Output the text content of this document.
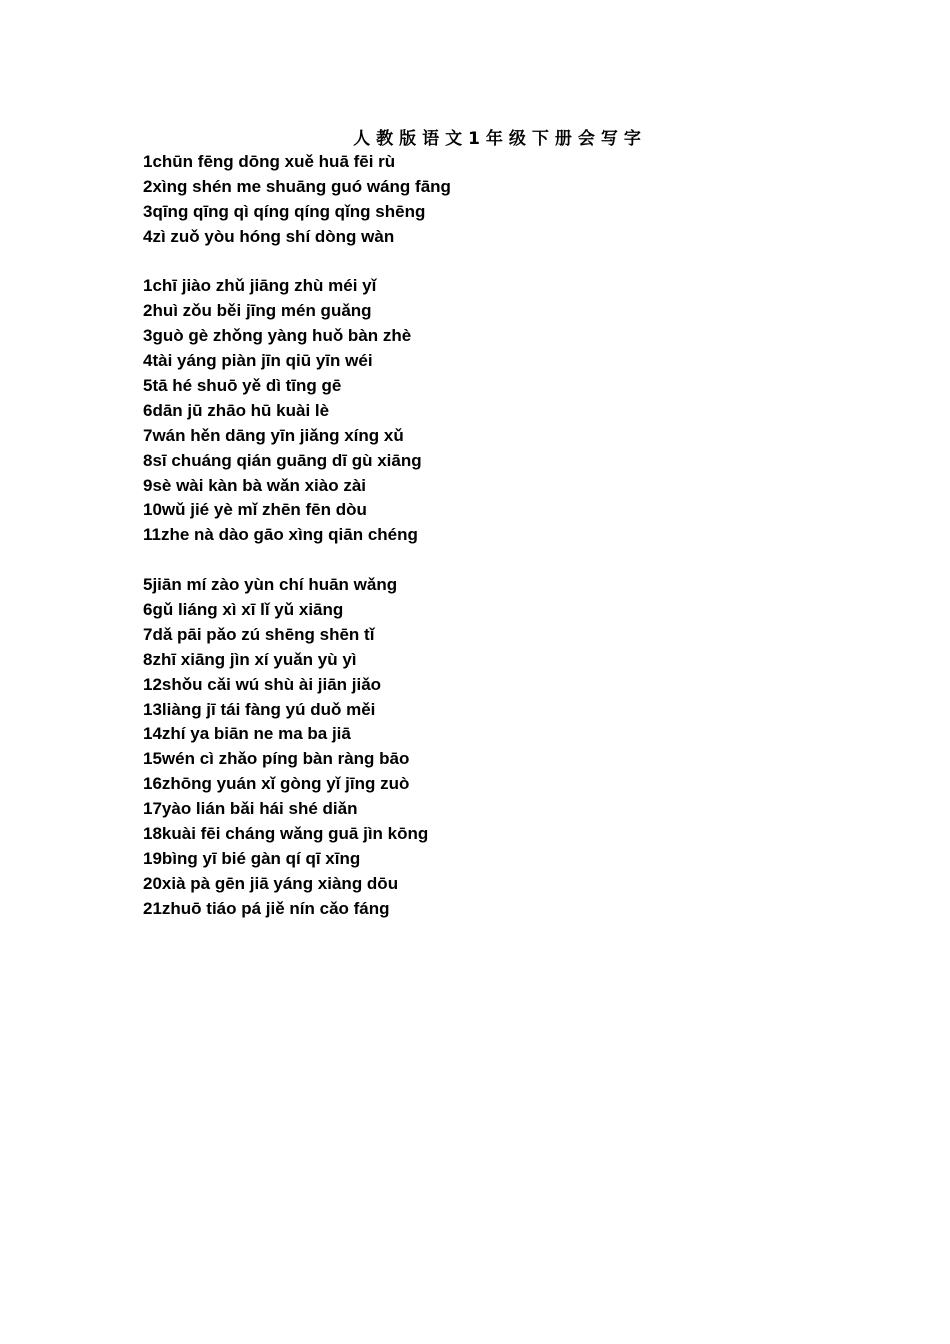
人教版语文1年级下册会写字
1chūn fēng dōng xuě huā fēi rù
2xìng shén me shuāng guó wáng fāng
3qīng qīng qì qíng qíng qǐng shēng
4zì zuǒ yòu hóng shí dòng wàn
1chī jiào zhǔ jiāng zhù méi yǐ
2huì zǒu běi jīng mén guǎng
3guò gè zhǒng yàng huǒ bàn zhè
4tài yáng piàn jīn qiū yīn wéi
5tā hé shuō yě dì tīng gē
6dān jū zhāo hū kuài lè
7wán hěn dāng yīn jiǎng xíng xǔ
8sī chuáng qián guāng dī gù xiāng
9sè wài kàn bà wǎn xiào zài
10wǔ jié yè mǐ zhēn fēn dòu
11zhe nà dào gāo xìng qiān chéng
5jiān mí zào yùn chí huān wǎng
6gǔ liáng xì xī lǐ yǔ xiāng
7dǎ pāi pǎo zú shēng shēn tǐ
8zhī xiāng jìn xí yuǎn yù yì
12shǒu cǎi wú shù ài jiān jiǎo
13liàng jī tái fàng yú duǒ měi
14zhí ya biān ne ma ba jiā
15wén cì zhǎo píng bàn ràng bāo
16zhōng yuán xǐ gòng yǐ jīng zuò
17yào lián bǎi hái shé diǎn
18kuài fēi cháng wǎng guā jìn kōng
19bìng yī bié gàn qí qī xīng
20xià pà gēn jiā yáng xiàng dōu
21zhuō tiáo pá jiě nín cǎo fáng
